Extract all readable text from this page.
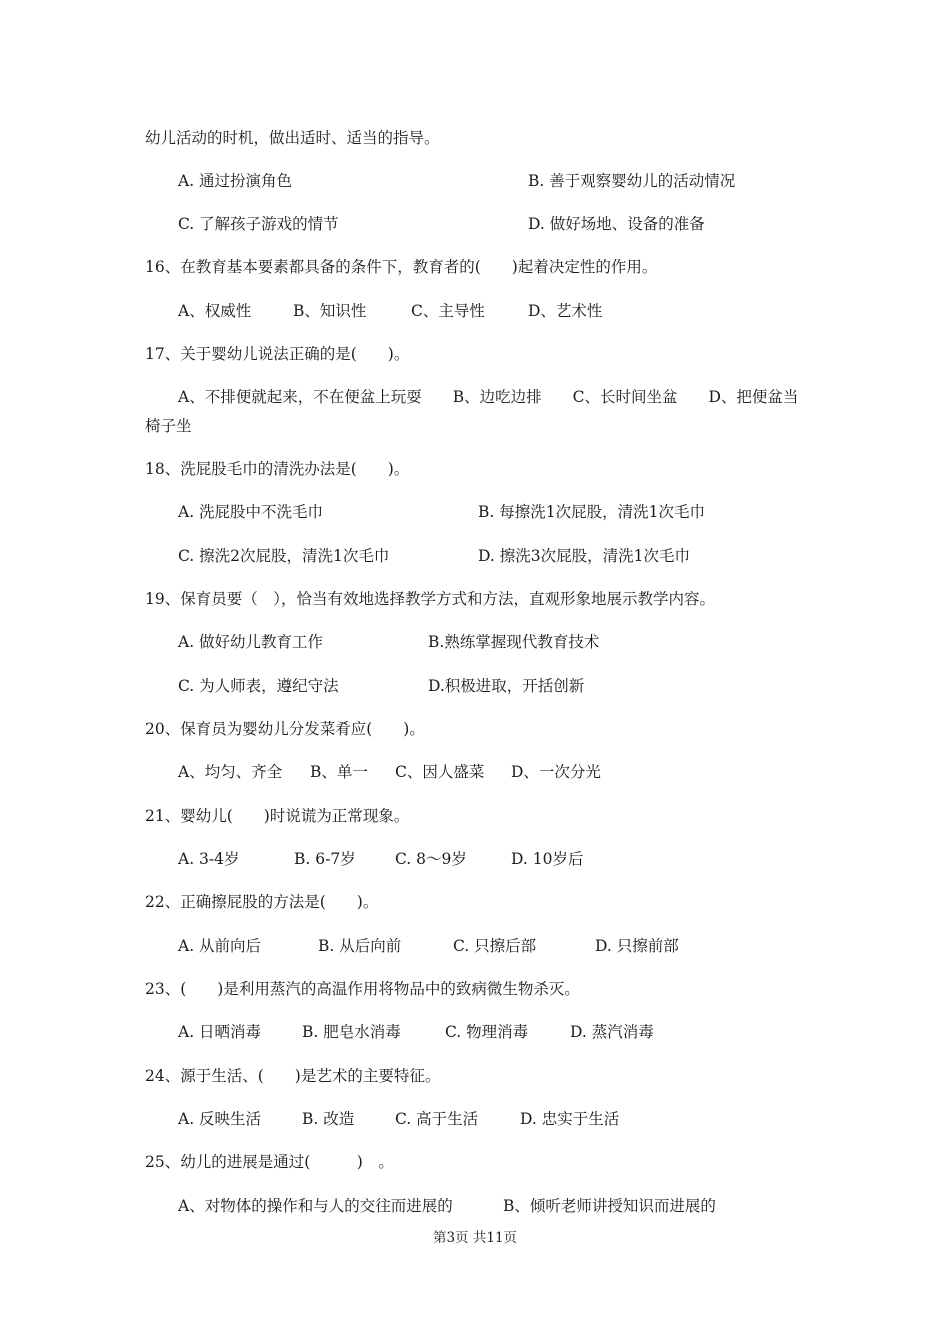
幼儿活动的时机，做出适时、适当的指导。
A. 通过扮演角色	B. 善于观察婴幼儿的活动情况
C. 了解孩子游戏的情节	D. 做好场地、设备的准备
16、在教育基本要素都具备的条件下，教育者的(　　)起着决定性的作用。
A、权威性	B、知识性	C、主导性	D、艺术性
17、关于婴幼儿说法正确的是(　　)。
A、不排便就起来，不在便盆上玩耍　　B、边吃边排　　C、长时间坐盆　　D、把便盆当
椅子坐
18、洗屁股毛巾的清洗办法是(　　)。
A. 洗屁股中不洗毛巾	B. 每擦洗1次屁股，清洗1次毛巾
C. 擦洗2次屁股，清洗1次毛巾	D. 擦洗3次屁股，清洗1次毛巾
19、保育员要（　），恰当有效地选择教学方式和方法，直观形象地展示教学内容。
A. 做好幼儿教育工作	B.熟练掌握现代教育技术
C. 为人师表，遵纪守法	D.积极进取，开括创新
20、保育员为婴幼儿分发菜肴应(　　)。
A、均匀、齐全 B、单一 C、因人盛菜 D、一次分光
21、婴幼儿(　　)时说谎为正常现象。
A. 3-4岁	B. 6-7岁	C. 8～9岁	D. 10岁后
22、正确擦屁股的方法是(　　)。
A. 从前向后	B. 从后向前	C. 只擦后部	D. 只擦前部
23、(　　)是利用蒸汽的高温作用将物品中的致病微生物杀灭。
A. 日晒消毒	B. 肥皂水消毒	C. 物理消毒	D. 蒸汽消毒
24、源于生活、(　　)是艺术的主要特征。
A. 反映生活	B. 改造	C. 高于生活	D. 忠实于生活
25、幼儿的进展是通过(　　　)　。
A、对物体的操作和与人的交往而进展的	B、倾听老师讲授知识而进展的
第3页 共11页
